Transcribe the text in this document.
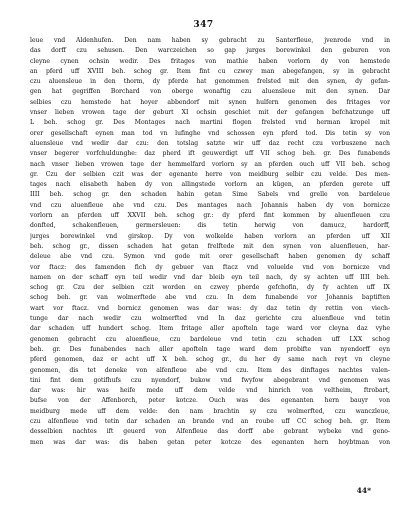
347
leue vnd Aldenhufen. Den nam haben sy gebracht zu Santerfleue, jvenrode vnd in
das dorff czu sehusen. Den warczeichen so gap jurges borewinkel den geburen von
cleyne cynen ochsin wedir. Des fritages von mathie haben vorlorn dy von hemstede
an pferd uff XVIII beh. schog gr. Item fint cu czwey man abegefangen, sy in gebracht
czu aluensleue in den thorm, dy pferde hat genommen frelsted mit den synen, dy gefan-
gen hat gegriffen Borchard von oberge wonaftig czu aluensleue mit den synen. Dar
selbies czu hemstede hat hoyer abbendorf mit synen hulfern genomen des fritages vor
vnser lieben vrowen tage der geburt XI ochsin geschiet mit der gefangen befchatzunge uff
L beh. schog gr. Des Montages nach martini flogen frelsted vnd herman kropel mit
orer gesellschaft eynen man tod vn lufinghe vnd schossen eyn pferd tod. Dis tetin sy von
aluensleue vnd wedir dar czu: den totslag satzte wir uff daz recht czu vorbuszene nach
vnser begerer vorfchuldunghe: daz pherd ift geuwerdigt uff VII schog beh. gr. Des funabends
nach vnser lieben vrowen tage der hemmelfard vorlorn sy an pferden ouch uff VII beh. schog
gr. Czu der selbien czit was der egenante herre von meidburg selbir czu velde. Des men-
tages nach elisabeth haben dy von allingstede vorlorn an kügen, an pferden gerete uff
IIII beh. schog gr. den schaden habin getan Sime Sabels vnd grelle von bardeleue
vnd czu aluenfleue ahe vnd czu. Des mantages nach Johannis haben dy von bornicze
vorlorn an pferden uff XXVII beh. schog gr.: dy pferd fint kommen by aluenfleuen czu
donfted, schakenfleuen, germersleuen: dis tetin herwig von damucz, hardorff,
jurges borewinkel vnd girskop. Dy von wolkelde haben vorlorn an pferden uff XII
beh. schog gr., dissen schaden hat getan frelftede mit den synen von aluenfleuen, har-
deleue abe vnd czu. Symon vnd gode mit orer gesellschaft haben genomen dy schaff
vor ftacz: des famenden fich dy gebuer van ftacz vnd voluelde vnd von bornicze vnd
namen on der schaff eyn teil wedir vnd dar bleib eyn teil nach, dy sy achten uff IIII beh.
schog gr. Czu der selbien czit worden en czwey pherde gefchofin, dy fy achten uff IX
schog beh. gr. van wolmerftede abe vnd czu. In dem funabende vor Johannis baptiften
wart vor ftacz. vnd bornicz genomen was dar was: dy daz tetin dy rettin von viech-
tunge dar nach wedir czu wolmerfted vnd In daz gerichte czu aluenfleue vnd tetin
dar schaden uff hundert schog. Item fritage aller apofteln tage ward vor cleyna daz vyhe
genomen gebracht czu aluenfleue, czu bardeleue vnd tetin czu schaden uff LXX schog
beh. gr. Des funabendes nach aller apofteln tage ward dem probifte van nyendorff eyn
pferd genomen, daz er acht uff X beh. schog gr., du her dy same nach reyt vn cleyne
genomen, dis tet deneke von alfenfleue abe vnd czu. Item des dinftages nachtes valen-
tini fint dem gotifhufs czu nyendorf, bukow vnd fwyfow abegebrant vnd genomen was
dar was: hir was heife mede uff dem velde vnd hinrich von veltheim, ftrobart,
bufse von der Affenborch, peter kotcze. Ouch was des egenanten hern bauyr von
meidburg mede uff dem velde: den nam brachtin sy czu wolmerfted, czu wanczleue,
czu alfenfleue vnd tetin dar schaden an brande vnd an roube uff CC schog beh. gr. Item
desselbien nachtes ift geuerd von Alfenfleue das dorff abe gebrant wybeke vnd geno-
men was dar was: dis haben getan peter kotcze des egenanten hern hoybtman von
44*
